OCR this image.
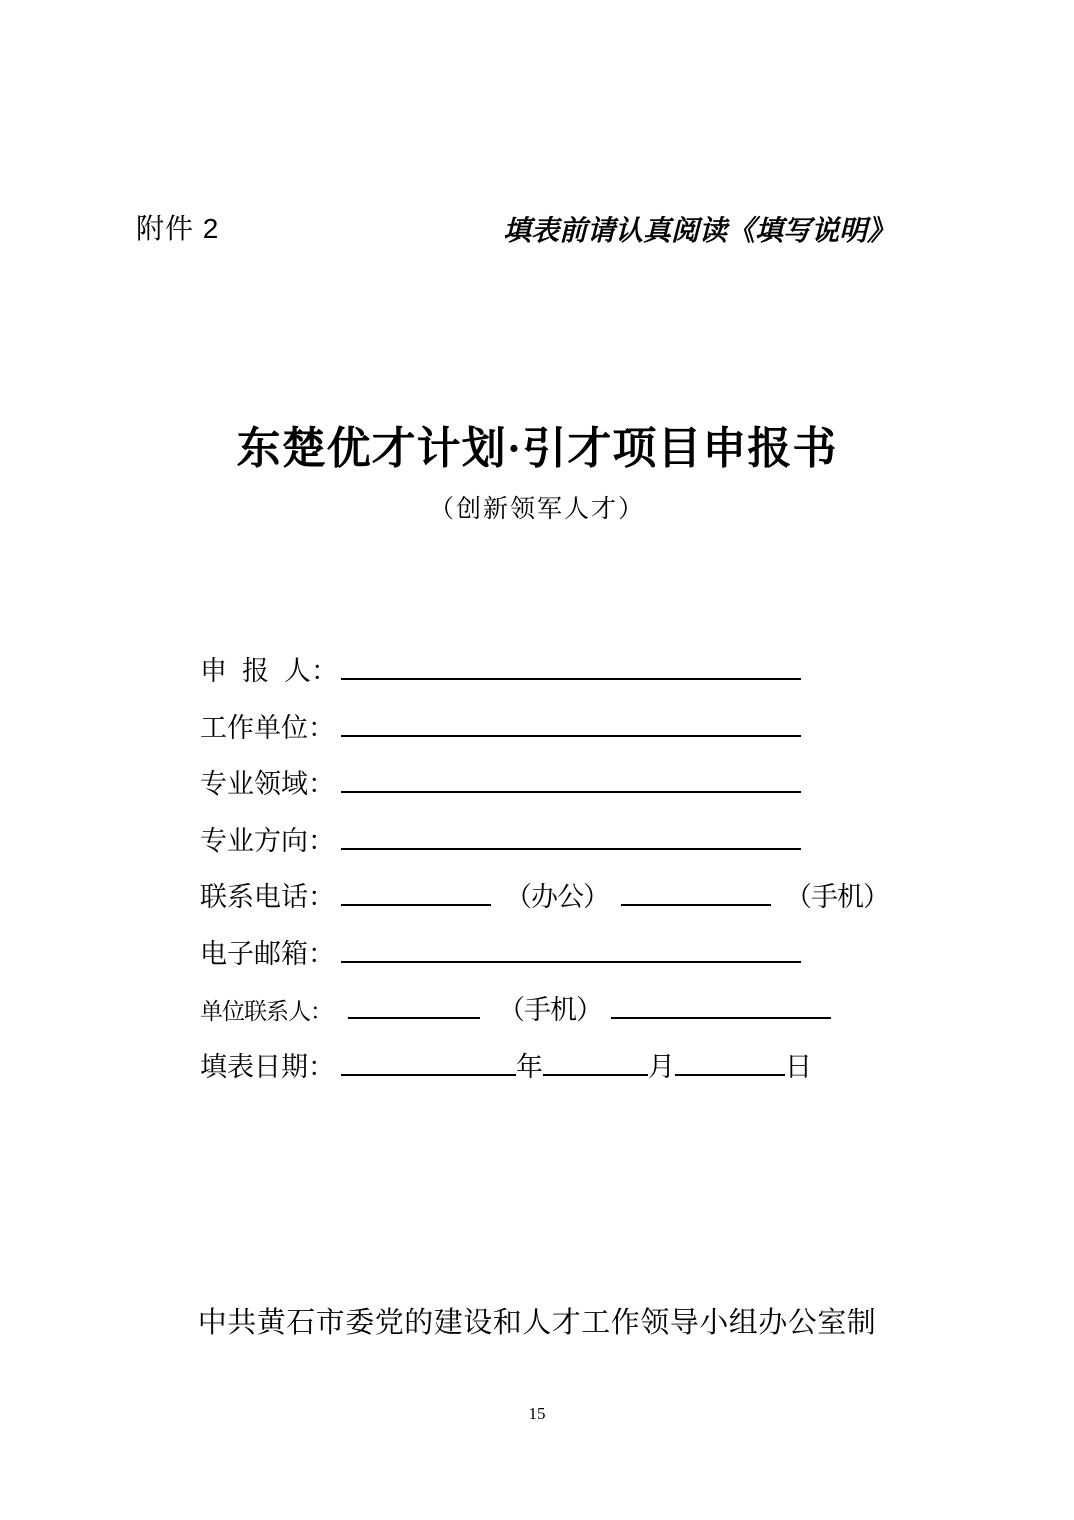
附件 2	填表前请认真阅读《填写说明》
东楚优才计划·引才项目申报书
（创新领军人才）
申  报  人：
工作单位：
专业领域：
专业方向：
联系电话：	（办公）	（手机）
电子邮箱：
单位联系人：	（手机）
填表日期：	年	月	日
中共黄石市委党的建设和人才工作领导小组办公室制
15
